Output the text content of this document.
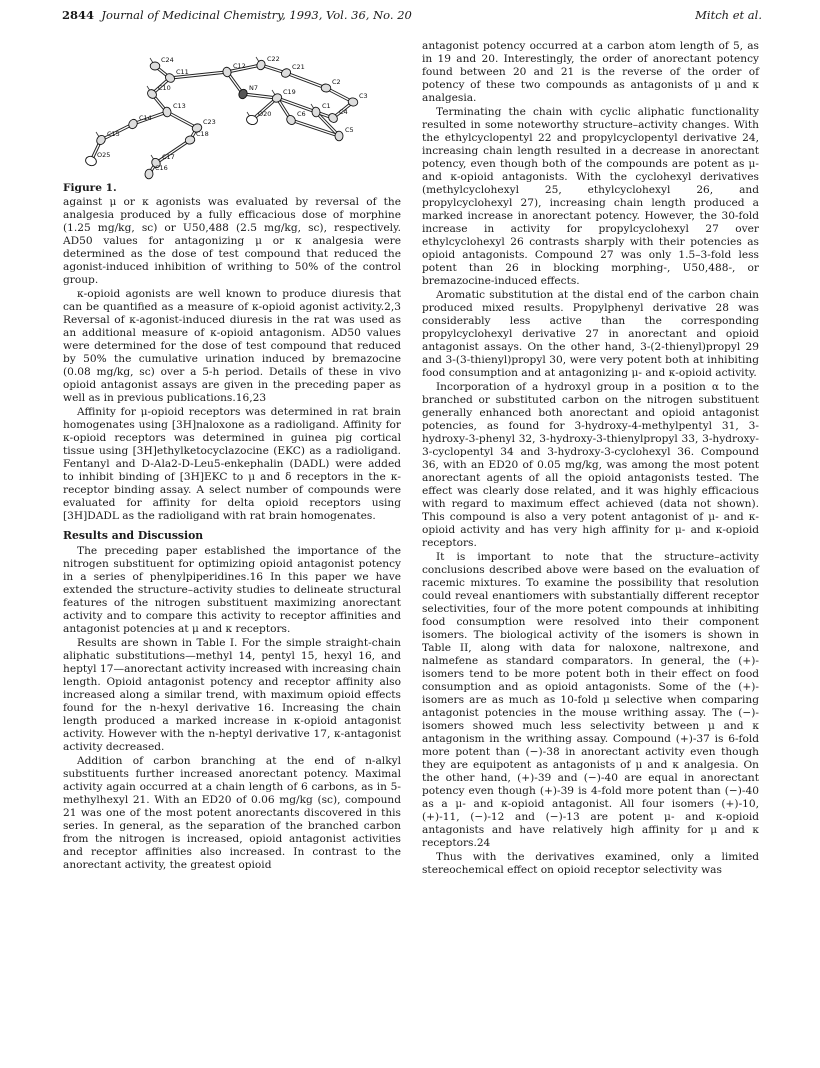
2844 Journal of Medicinal Chemistry, 1993, Vol. 36, No. 20	Mitch et al.
C24
C11
C12
C22
C21
C2
C10
C13
N7	C19	C3
C4
C1
C14	C23
O20	C6
C5
C15	C18
O25	C17
C16

Figure 1.

against μ or κ agonists was evaluated by reversal of the analgesia produced by a fully efficacious dose of morphine (1.25 mg/kg, sc) or U50,488 (2.5 mg/kg, sc), respectively. AD50 values for antagonizing μ or κ analgesia were determined as the dose of test compound that reduced the agonist-induced inhibition of writhing to 50% of the control group.

κ-opioid agonists are well known to produce diuresis that can be quantified as a measure of κ-opioid agonist activity.2,3 Reversal of κ-agonist-induced diuresis in the rat was used as an additional measure of κ-opioid antagonism. AD50 values were determined for the dose of test compound that reduced by 50% the cumulative urination induced by bremazocine (0.08 mg/kg, sc) over a 5-h period. Details of these in vivo opioid antagonist assays are given in the preceding paper as well as in previous publications.16,23

Affinity for μ-opioid receptors was determined in rat brain homogenates using [3H]naloxone as a radioligand. Affinity for κ-opioid receptors was determined in guinea pig cortical tissue using [3H]ethylketocyclazocine (EKC) as a radioligand. Fentanyl and D-Ala2-D-Leu5-enkephalin (DADL) were added to inhibit binding of [3H]EKC to μ and δ receptors in the κ-receptor binding assay. A select number of compounds were evaluated for affinity for delta opioid receptors using [3H]DADL as the radioligand with rat brain homogenates.

Results and Discussion

The preceding paper established the importance of the nitrogen substituent for optimizing opioid antagonist potency in a series of phenylpiperidines.16 In this paper we have extended the structure–activity studies to delineate structural features of the nitrogen substituent maximizing anorectant activity and to compare this activity to receptor affinities and antagonist potencies at μ and κ receptors.

Results are shown in Table I. For the simple straight-chain aliphatic substitutions—methyl 14, pentyl 15, hexyl 16, and heptyl 17—anorectant activity increased with increasing chain length. Opioid antagonist potency and receptor affinity also increased along a similar trend, with maximum opioid effects found for the n-hexyl derivative 16. Increasing the chain length produced a marked increase in κ-opioid antagonist activity. However with the n-heptyl derivative 17, κ-antagonist activity decreased.

Addition of carbon branching at the end of n-alkyl substituents further increased anorectant potency. Maximal activity again occurred at a chain length of 6 carbons, as in 5-methylhexyl 21. With an ED20 of 0.06 mg/kg (sc), compound 21 was one of the most potent anorectants discovered in this series. In general, as the separation of the branched carbon from the nitrogen is increased, opioid antagonist activities and receptor affinities also increased. In contrast to the anorectant activity, the greatest opioid

antagonist potency occurred at a carbon atom length of 5, as in 19 and 20. Interestingly, the order of anorectant potency found between 20 and 21 is the reverse of the order of potency of these two compounds as antagonists of μ and κ analgesia.

Terminating the chain with cyclic aliphatic functionality resulted in some noteworthy structure–activity changes. With the ethylcyclopentyl 22 and propylcyclopentyl derivative 24, increasing chain length resulted in a decrease in anorectant potency, even though both of the compounds are potent as μ- and κ-opioid antagonists. With the cyclohexyl derivatives (methylcyclohexyl 25, ethylcyclohexyl 26, and propylcyclohexyl 27), increasing chain length produced a marked increase in anorectant potency. However, the 30-fold increase in activity for propylcyclohexyl 27 over ethylcyclohexyl 26 contrasts sharply with their potencies as opioid antagonists. Compound 27 was only 1.5–3-fold less potent than 26 in blocking morphing-, U50,488-, or bremazocine-induced effects.

Aromatic substitution at the distal end of the carbon chain produced mixed results. Propylphenyl derivative 28 was considerably less active than the corresponding propylcyclohexyl derivative 27 in anorectant and opioid antagonist assays. On the other hand, 3-(2-thienyl)propyl 29 and 3-(3-thienyl)propyl 30, were very potent both at inhibiting food consumption and at antagonizing μ- and κ-opioid activity.

Incorporation of a hydroxyl group in a position α to the branched or substituted carbon on the nitrogen substituent generally enhanced both anorectant and opioid antagonist potencies, as found for 3-hydroxy-4-methylpentyl 31, 3-hydroxy-3-phenyl 32, 3-hydroxy-3-thienylpropyl 33, 3-hydroxy-3-cyclopentyl 34 and 3-hydroxy-3-cyclohexyl 36. Compound 36, with an ED20 of 0.05 mg/kg, was among the most potent anorectant agents of all the opioid antagonists tested. The effect was clearly dose related, and it was highly efficacious with regard to maximum effect achieved (data not shown). This compound is also a very potent antagonist of μ- and κ-opioid activity and has very high affinity for μ- and κ-opioid receptors.

It is important to note that the structure–activity conclusions described above were based on the evaluation of racemic mixtures. To examine the possibility that resolution could reveal enantiomers with substantially different receptor selectivities, four of the more potent compounds at inhibiting food consumption were resolved into their component isomers. The biological activity of the isomers is shown in Table II, along with data for naloxone, naltrexone, and nalmefene as standard comparators. In general, the (+)-isomers tend to be more potent both in their effect on food consumption and as opioid antagonists. Some of the (+)-isomers are as much as 10-fold μ selective when comparing antagonist potencies in the mouse writhing assay. The (−)-isomers showed much less selectivity between μ and κ antagonism in the writhing assay. Compound (+)-37 is 6-fold more potent than (−)-38 in anorectant activity even though they are equipotent as antagonists of μ and κ analgesia. On the other hand, (+)-39 and (−)-40 are equal in anorectant potency even though (+)-39 is 4-fold more potent than (−)-40 as a μ- and κ-opioid antagonist. All four isomers (+)-10, (+)-11, (−)-12 and (−)-13 are potent μ- and κ-opioid antagonists and have relatively high affinity for μ and κ receptors.24

Thus with the derivatives examined, only a limited stereochemical effect on opioid receptor selectivity was
